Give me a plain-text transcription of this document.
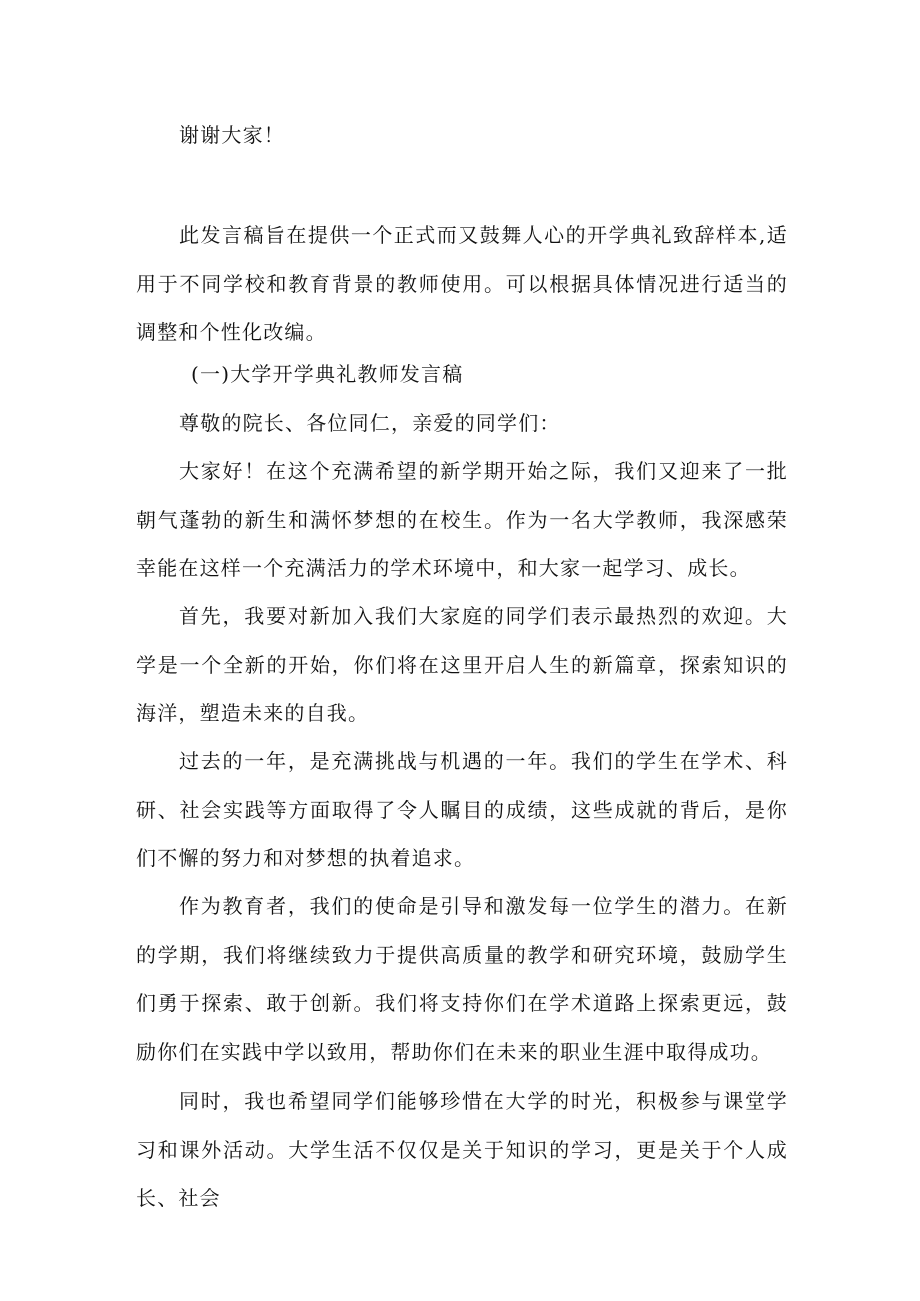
谢谢大家！

此发言稿旨在提供一个正式而又鼓舞人心的开学典礼致辞样本,适用于不同学校和教育背景的教师使用。可以根据具体情况进行适当的调整和个性化改编。

(一)大学开学典礼教师发言稿

尊敬的院长、各位同仁，亲爱的同学们：

大家好！在这个充满希望的新学期开始之际，我们又迎来了一批朝气蓬勃的新生和满怀梦想的在校生。作为一名大学教师，我深感荣幸能在这样一个充满活力的学术环境中，和大家一起学习、成长。

首先，我要对新加入我们大家庭的同学们表示最热烈的欢迎。大学是一个全新的开始，你们将在这里开启人生的新篇章，探索知识的海洋，塑造未来的自我。

过去的一年，是充满挑战与机遇的一年。我们的学生在学术、科研、社会实践等方面取得了令人瞩目的成绩，这些成就的背后，是你们不懈的努力和对梦想的执着追求。

作为教育者，我们的使命是引导和激发每一位学生的潜力。在新的学期，我们将继续致力于提供高质量的教学和研究环境，鼓励学生们勇于探索、敢于创新。我们将支持你们在学术道路上探索更远，鼓励你们在实践中学以致用，帮助你们在未来的职业生涯中取得成功。

同时，我也希望同学们能够珍惜在大学的时光，积极参与课堂学习和课外活动。大学生活不仅仅是关于知识的学习，更是关于个人成长、社会
